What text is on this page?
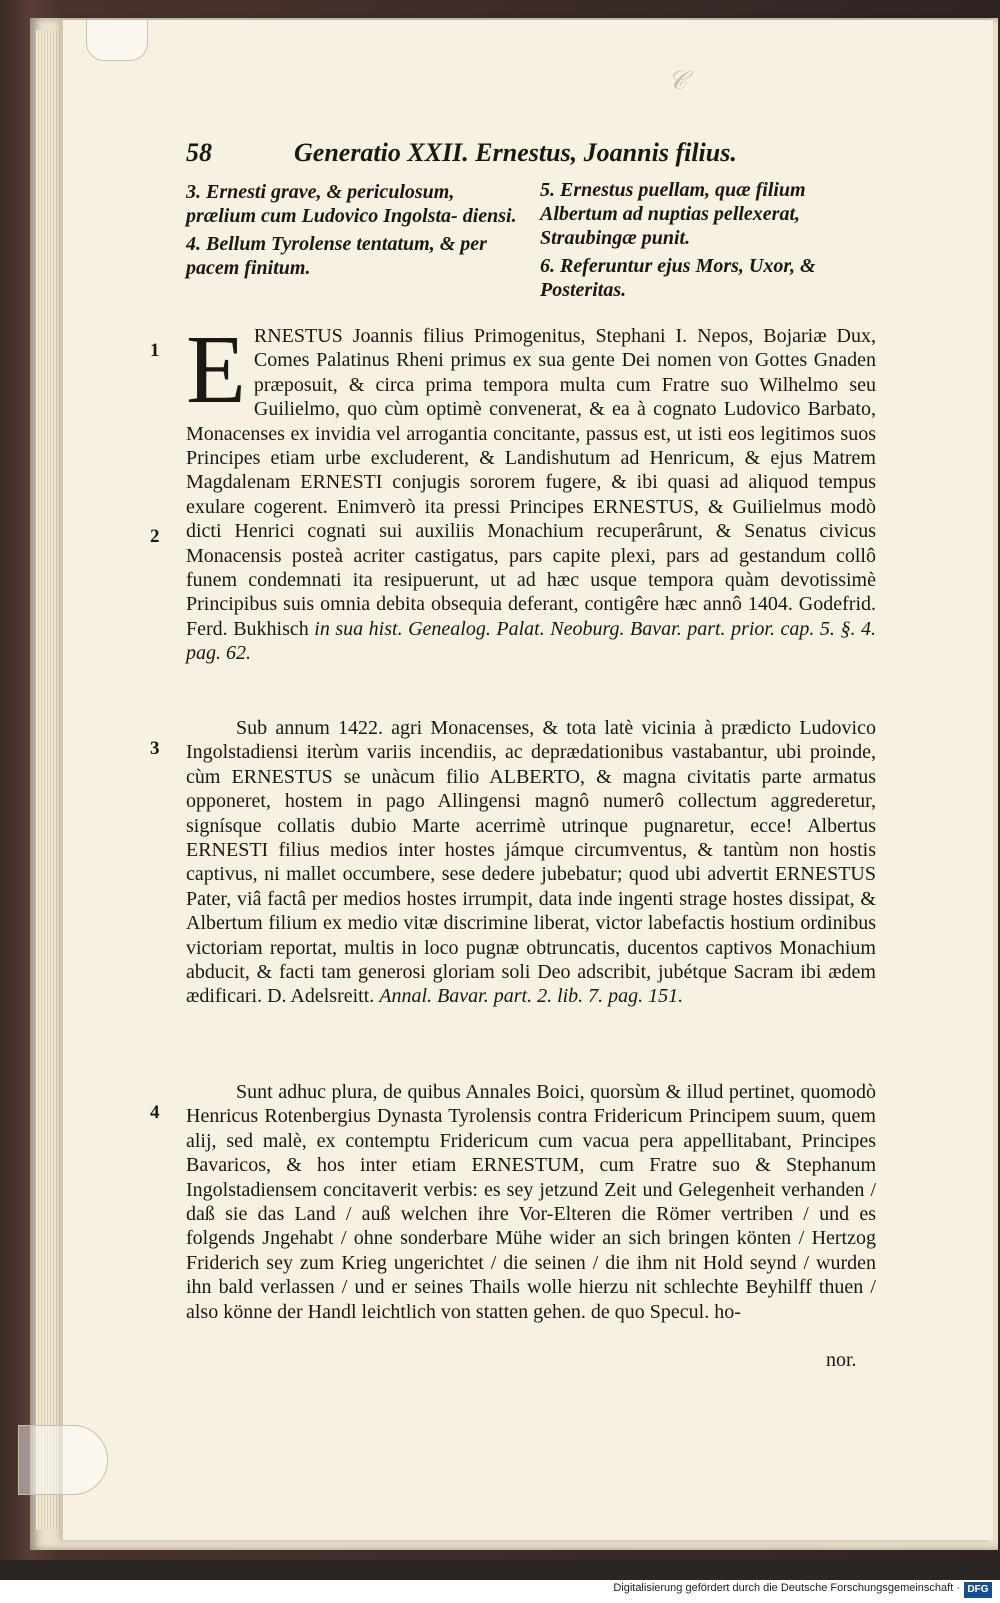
𝒞
58	Generatio XXII. Ernestus, Joannis filius.

3. Ernesti grave, & periculosum, prælium cum Ludovico Ingolsta- diensi.

4. Bellum Tyrolense tentatum, & per pacem finitum.

5. Ernestus puellam, quæ filium Albertum ad nuptias pellexerat, Straubingæ punit.

6. Referuntur ejus Mors, Uxor, & Posteritas.

1
2
3
4

ERNESTUS Joannis filius Primogenitus, Stephani I. Nepos, Bojariæ Dux, Comes Palatinus Rheni primus ex sua gente Dei nomen von Gottes Gnaden præposuit, & circa prima tempora multa cum Fratre suo Wilhelmo seu Guilielmo, quo cùm optimè convenerat, & ea à cognato Ludovico Barbato, Monacenses ex invidia vel arrogantia concitante, passus est, ut isti eos legitimos suos Principes etiam urbe excluderent, & Landishutum ad Henricum, & ejus Matrem Magdalenam ERNESTI conjugis sororem fugere, & ibi quasi ad aliquod tempus exulare cogerent. Enimverò ita pressi Principes ERNESTUS, & Guilielmus modò dicti Henrici cognati sui auxiliis Monachium recuperârunt, & Senatus civicus Monacensis posteà acriter castigatus, pars capite plexi, pars ad gestandum collô funem condemnati ita resipuerunt, ut ad hæc usque tempora quàm devotissimè Principibus suis omnia debita obsequia deferant, contigêre hæc annô 1404. Godefrid. Ferd. Bukhisch in sua hist. Genealog. Palat. Neoburg. Bavar. part. prior. cap. 5. §. 4. pag. 62.

Sub annum 1422. agri Monacenses, & tota latè vicinia à prædicto Ludovico Ingolstadiensi iterùm variis incendiis, ac deprædationibus vastabantur, ubi proinde, cùm ERNESTUS se unàcum filio ALBERTO, & magna civitatis parte armatus opponeret, hostem in pago Allingensi magnô numerô collectum aggrederetur, signísque collatis dubio Marte acerrimè utrinque pugnaretur, ecce! Albertus ERNESTI filius medios inter hostes jámque circumventus, & tantùm non hostis captivus, ni mallet occumbere, sese dedere jubebatur; quod ubi advertit ERNESTUS Pater, viâ factâ per medios hostes irrumpit, data inde ingenti strage hostes dissipat, & Albertum filium ex medio vitæ discrimine liberat, victor labefactis hostium ordinibus victoriam reportat, multis in loco pugnæ obtruncatis, ducentos captivos Monachium abducit, & facti tam generosi gloriam soli Deo adscribit, jubétque Sacram ibi ædem ædificari. D. Adelsreitt. Annal. Bavar. part. 2. lib. 7. pag. 151.

Sunt adhuc plura, de quibus Annales Boici, quorsùm & illud pertinet, quomodò Henricus Rotenbergius Dynasta Tyrolensis contra Fridericum Principem suum, quem alij, sed malè, ex contemptu Fridericum cum vacua pera appellitabant, Principes Bavaricos, & hos inter etiam ERNESTUM, cum Fratre suo & Stephanum Ingolstadiensem concitaverit verbis: es sey jetzund Zeit und Gelegenheit verhanden / daß sie das Land / auß welchen ihre Vor-Elteren die Römer vertriben / und es folgends Jngehabt / ohne sonderbare Mühe wider an sich bringen könten / Hertzog Friderich sey zum Krieg ungerichtet / die seinen / die ihm nit Hold seynd / wurden ihn bald verlassen / und er seines Thails wolle hierzu nit schlechte Beyhilff thuen / also könne der Handl leichtlich von statten gehen. de quo Specul. ho-

nor.
Digitalisierung gefördert durch die Deutsche Forschungsgemeinschaft · DFG
